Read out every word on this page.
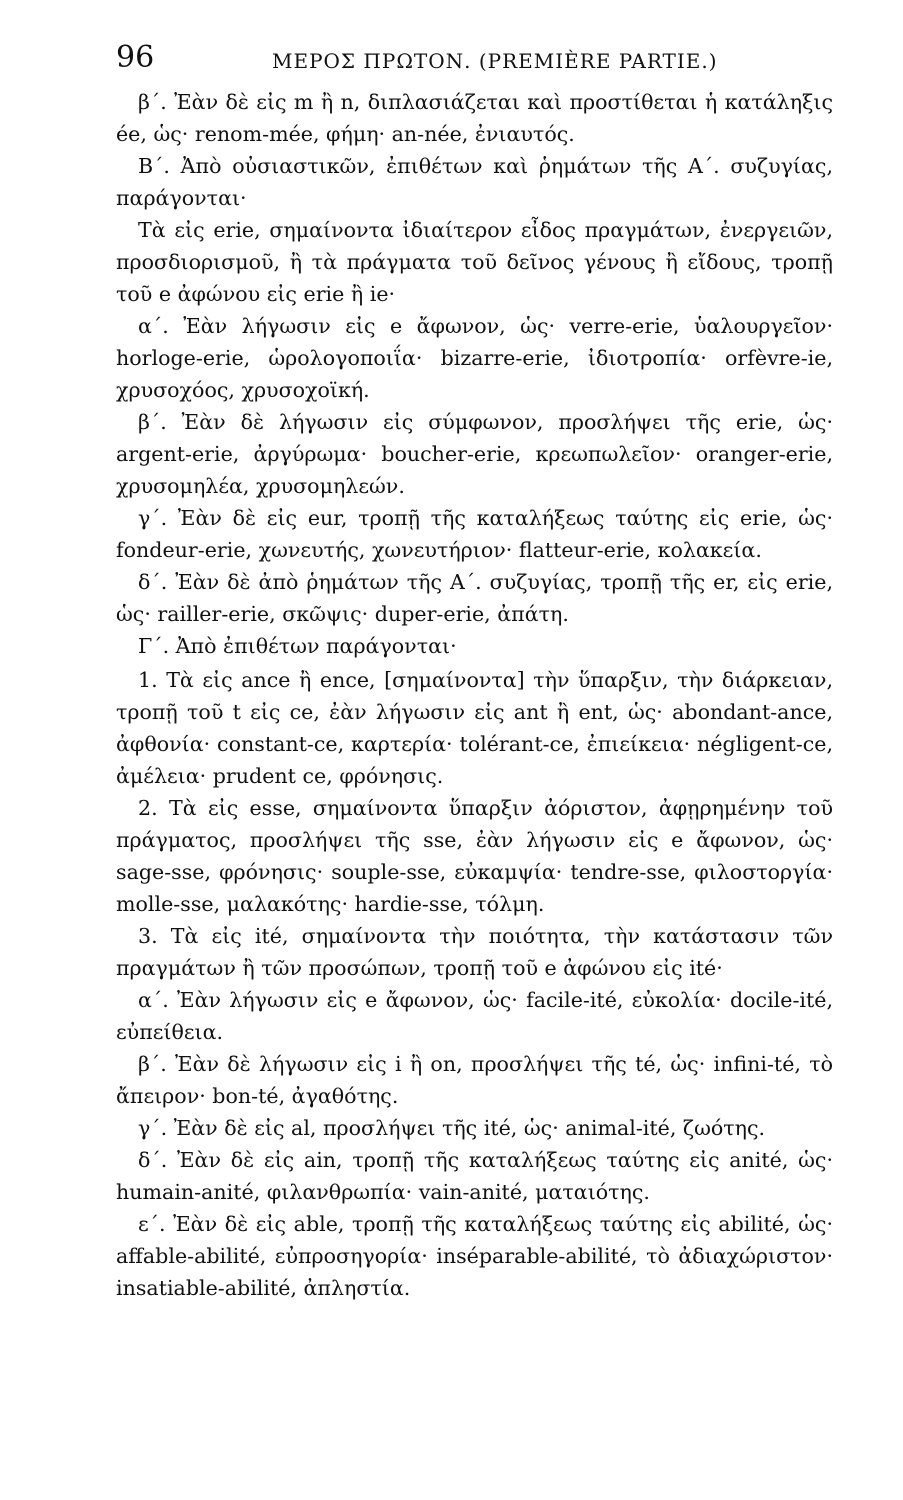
96	ΜΕΡΟΣ ΠΡΩΤΟΝ. (PREMIÈRE PARTIE.)

β΄. Ἐὰν δὲ εἰς m ἢ n, διπλασιάζεται καὶ προστίθεται ἡ κατάληξις ée, ὡς· renom-mée, φήμη· an-née, ἐνιαυτός.

B΄. Ἀπὸ οὐσιαστικῶν, ἐπιθέτων καὶ ῥημάτων τῆς Α΄. συζυγίας, παράγονται·

Τὰ εἰς erie, σημαίνοντα ἰδιαίτερον εἶδος πραγμάτων, ἐνεργειῶν, προσδιορισμοῦ, ἢ τὰ πράγματα τοῦ δεῖνος γένους ἢ εἴδους, τροπῇ τοῦ e ἀφώνου εἰς erie ἢ ie·

α΄. Ἐὰν λήγωσιν εἰς e ἄφωνον, ὡς· verre-erie, ὑαλουργεῖον· horloge-erie, ὡρολογοποιΐα· bizarre-erie, ἰδιοτροπία· orfèvre-ie, χρυσοχόος, χρυσοχοϊκή.

β΄. Ἐὰν δὲ λήγωσιν εἰς σύμφωνον, προσλήψει τῆς erie, ὡς· argent-erie, ἀργύρωμα· boucher-erie, κρεωπωλεῖον· oranger-erie, χρυσομηλέα, χρυσομηλεών.

γ΄. Ἐὰν δὲ εἰς eur, τροπῇ τῆς καταλήξεως ταύτης εἰς erie, ὡς· fondeur-erie, χωνευτής, χωνευτήριον· flatteur-erie, κολακεία.

δ΄. Ἐὰν δὲ ἀπὸ ῥημάτων τῆς Α΄. συζυγίας, τροπῇ τῆς er, εἰς erie, ὡς· railler-erie, σκῶψις· duper-erie, ἀπάτη.

Γ΄. Ἀπὸ ἐπιθέτων παράγονται·

1. Τὰ εἰς ance ἢ ence, [σημαίνοντα] τὴν ὕπαρξιν, τὴν διάρκειαν, τροπῇ τοῦ t εἰς ce, ἐὰν λήγωσιν εἰς ant ἢ ent, ὡς· abondant-ance, ἀφθονία· constant-ce, καρτερία· tolérant-ce, ἐπιείκεια· négligent-ce, ἀμέλεια· prudent ce, φρόνησις.

2. Τὰ εἰς esse, σημαίνοντα ὕπαρξιν ἀόριστον, ἀφῃρημένην τοῦ πράγματος, προσλήψει τῆς sse, ἐὰν λήγωσιν εἰς e ἄφωνον, ὡς· sage-sse, φρόνησις· souple-sse, εὐκαμψία· tendre-sse, φιλοστοργία· molle-sse, μαλακότης· hardie-sse, τόλμη.

3. Τὰ εἰς ité, σημαίνοντα τὴν ποιότητα, τὴν κατάστασιν τῶν πραγμάτων ἢ τῶν προσώπων, τροπῇ τοῦ e ἀφώνου εἰς ité·

α΄. Ἐὰν λήγωσιν εἰς e ἄφωνον, ὡς· facile-ité, εὐκολία· docile-ité, εὐπείθεια.

β΄. Ἐὰν δὲ λήγωσιν εἰς i ἢ on, προσλήψει τῆς té, ὡς· infini-té, τὸ ἄπειρον· bon-té, ἀγαθότης.

γ΄. Ἐὰν δὲ εἰς al, προσλήψει τῆς ité, ὡς· animal-ité, ζωότης.

δ΄. Ἐὰν δὲ εἰς ain, τροπῇ τῆς καταλήξεως ταύτης εἰς anité, ὡς· humain-anité, φιλανθρωπία· vain-anité, ματαιότης.

ε΄. Ἐὰν δὲ εἰς able, τροπῇ τῆς καταλήξεως ταύτης εἰς abilité, ὡς· affable-abilité, εὐπροσηγορία· inséparable-abilité, τὸ ἀδιαχώριστον· insatiable-abilité, ἀπληστία.
